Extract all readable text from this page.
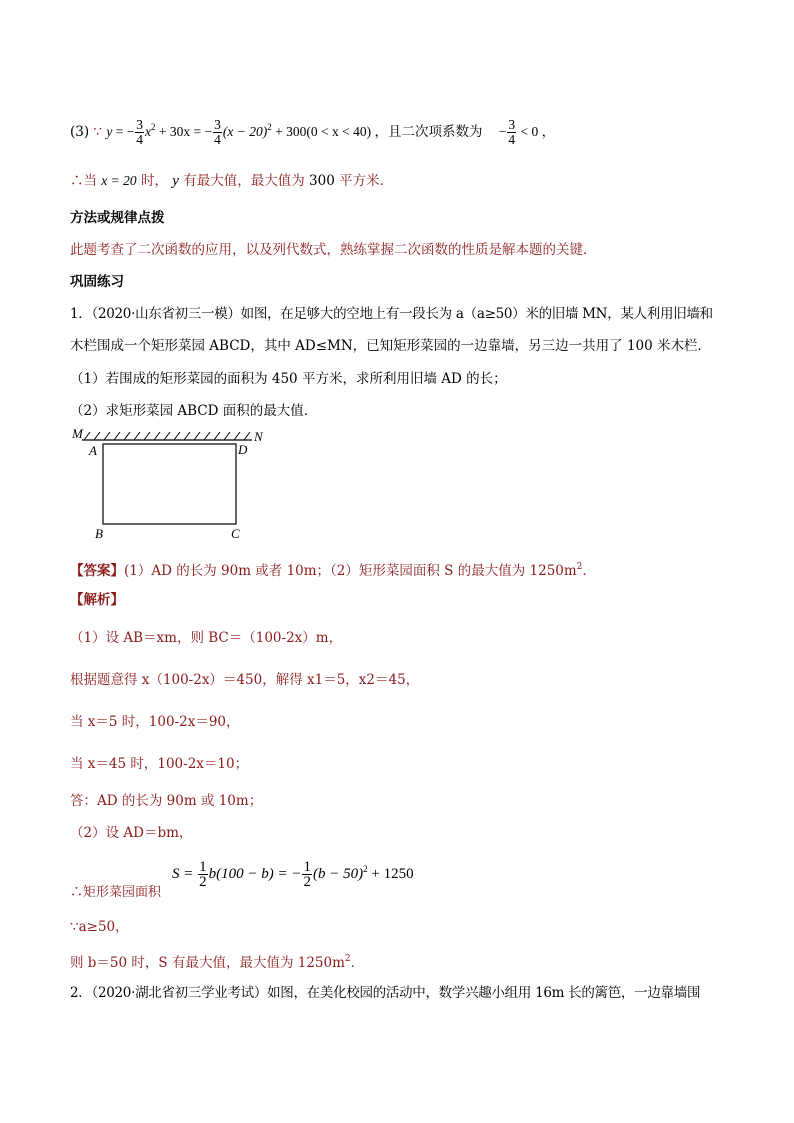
(3) ∵ y = − $\frac{3}{4} x^2 + 30x$ = − $\frac{3}{4} (x - 20)^2 + 300(0 < x < 40)$ ，且二次项系数为 − $\frac{3}{4} < 0$ ，
∴当 x = 20 时， y 有最大值，最大值为 300 平方米．
方法或规律点拨
此题考查了二次函数的应用，以及列代数式，熟练掌握二次函数的性质是解本题的关键．
巩固练习
1．（2020·山东省初三一模）如图，在足够大的空地上有一段长为 a（a≥50）米的旧墙 MN，某人利用旧墙和
木栏围成一个矩形菜园 ABCD，其中 AD≤MN，已知矩形菜园的一边靠墙，另三边一共用了 100 米木栏．
（1）若围成的矩形菜园的面积为 450 平方米，求所利用旧墙 AD 的长；
（2）求矩形菜园 ABCD 面积的最大值．
M	N
A	D
B	C
【答案】(1）AD 的长为 90m 或者 10m；（2）矩形菜园面积 S 的最大值为 $1250m^2$．
【解析】
（1）设 AB＝xm，则 BC＝（100-2x）m，
根据题意得 x（100-2x）＝450，解得 x1＝5，x2＝45，
当 x＝5 时，100-2x＝90，
当 x＝45 时，100-2x＝10；
答：AD 的长为 90m 或 10m；
（2）设 AD＝bm，
∴矩形菜园面积
$S = \frac{1}{2} b(100 - b)$ = − $\frac{1}{2} (b - 50)^2 + 1250$
∵a≥50，
则 b＝50 时，S 有最大值，最大值为 $1250m^2$．
2．（2020·湖北省初三学业考试）如图，在美化校园的活动中，数学兴趣小组用 16m 长的篱笆，一边靠墙围
